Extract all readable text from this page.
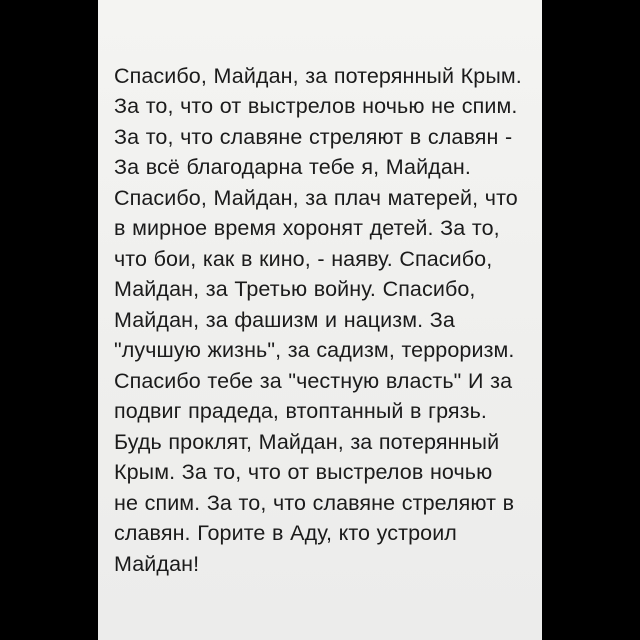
Спасибо, Майдан, за потерянный Крым. За то, что от выстрелов ночью не спим. За то, что славяне стреляют в славян - За всё благодарна тебе я, Майдан. Спасибо, Майдан, за плач матерей, что в мирное время хоронят детей. За то, что бои, как в кино, - наяву. Спасибо, Майдан, за Третью войну. Спасибо, Майдан, за фашизм и нацизм. За "лучшую жизнь", за садизм, терроризм. Спасибо тебе за "честную власть" И за подвиг прадеда, втоптанный в грязь. Будь проклят, Майдан, за потерянный Крым. За то, что от выстрелов ночью не спим. За то, что славяне стреляют в славян. Горите в Аду, кто устроил Майдан!
